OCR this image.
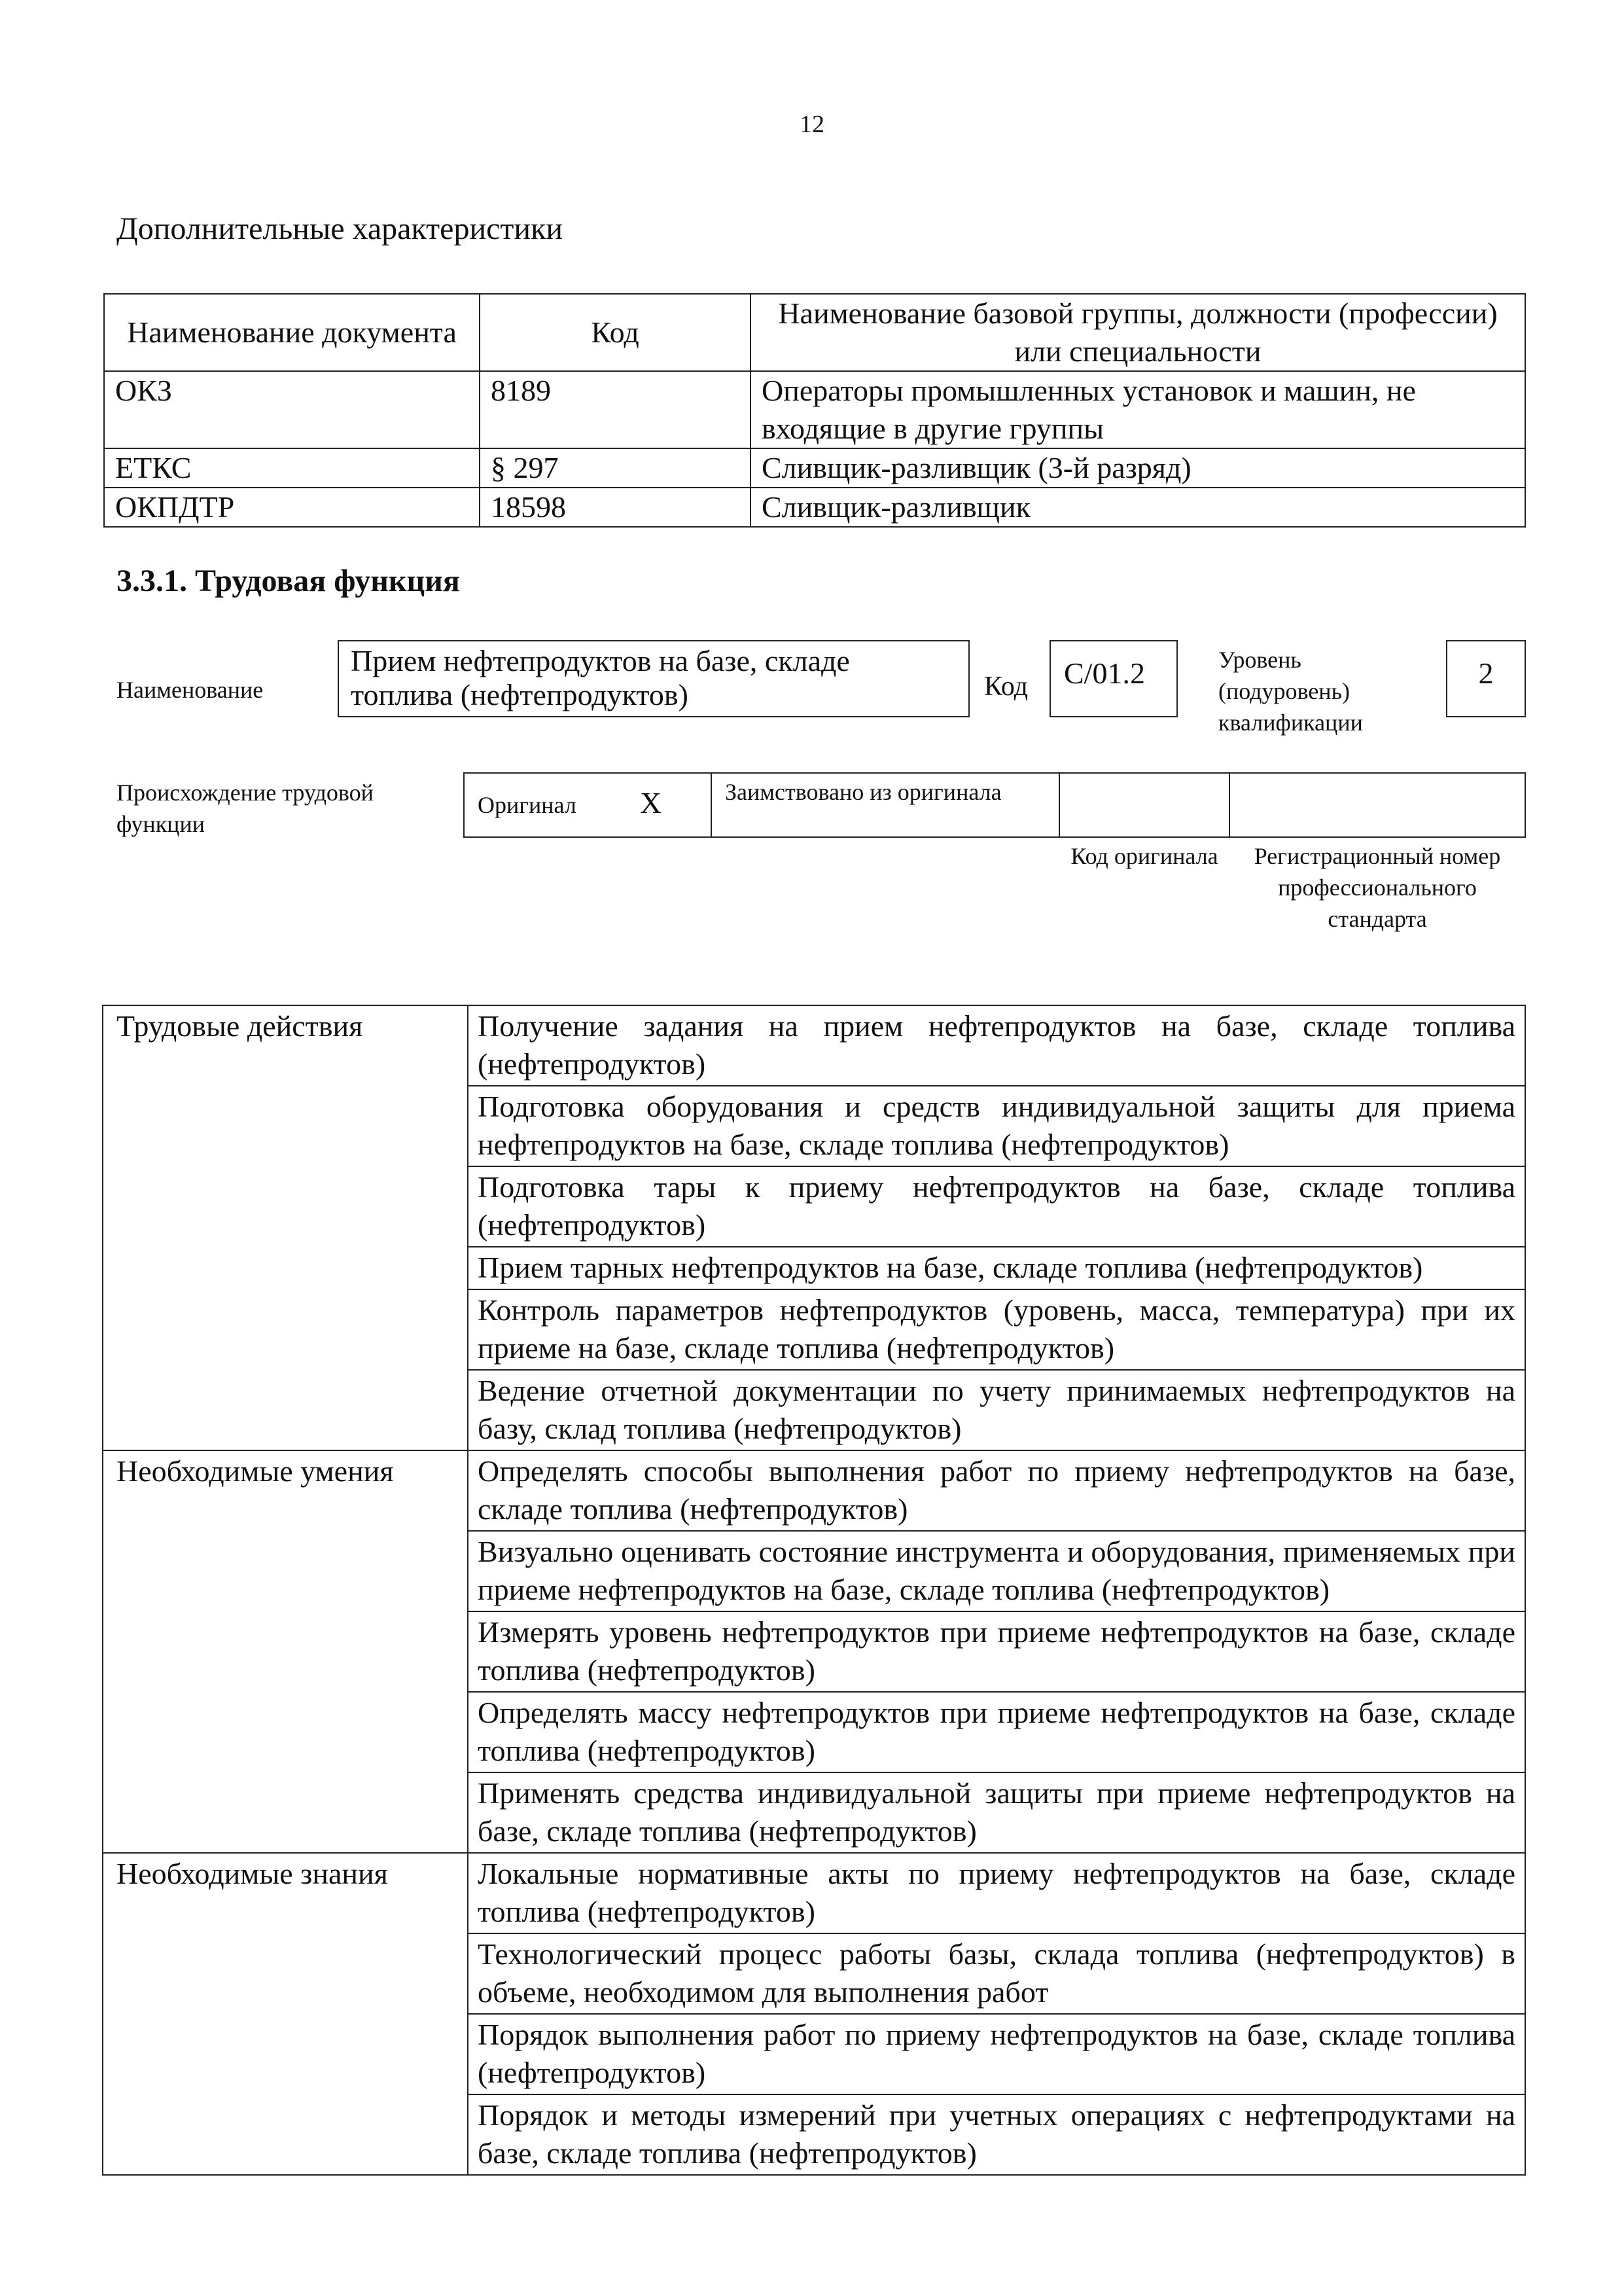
12
Дополнительные характеристики
Наименование документа	Код	Наименование базовой группы, должности (профессии) или специальности
ОКЗ	8189	Операторы промышленных установок и машин, не входящие в другие группы
ЕТКС	§ 297	Сливщик-разливщик (3-й разряд)
ОКПДТР	18598	Сливщик-разливщик
3.3.1. Трудовая функция
Наименование
Прием нефтепродуктов на базе, складе топлива (нефтепродуктов)	Код	C/01.2	Уровень (подуровень) квалификации
2
Происхождение трудовой функции
Оригинал X	Заимствовано из оригинала
Код оригинала	Регистрационный номер профессионального стандарта
Трудовые действия	Получение задания на прием нефтепродуктов на базе, складе топлива (нефтепродуктов)
	Подготовка оборудования и средств индивидуальной защиты для приема нефтепродуктов на базе, складе топлива (нефтепродуктов)
	Подготовка тары к приему нефтепродуктов на базе, складе топлива (нефтепродуктов)
	Прием тарных нефтепродуктов на базе, складе топлива (нефтепродуктов)
	Контроль параметров нефтепродуктов (уровень, масса, температура) при их приеме на базе, складе топлива (нефтепродуктов)
	Ведение отчетной документации по учету принимаемых нефтепродуктов на базу, склад топлива (нефтепродуктов)
Необходимые умения	Определять способы выполнения работ по приему нефтепродуктов на базе, складе топлива (нефтепродуктов)
	Визуально оценивать состояние инструмента и оборудования, применяемых при приеме нефтепродуктов на базе, складе топлива (нефтепродуктов)
	Измерять уровень нефтепродуктов при приеме нефтепродуктов на базе, складе топлива (нефтепродуктов)
	Определять массу нефтепродуктов при приеме нефтепродуктов на базе, складе топлива (нефтепродуктов)
	Применять средства индивидуальной защиты при приеме нефтепродуктов на базе, складе топлива (нефтепродуктов)
Необходимые знания	Локальные нормативные акты по приему нефтепродуктов на базе, складе топлива (нефтепродуктов)
	Технологический процесс работы базы, склада топлива (нефтепродуктов) в объеме, необходимом для выполнения работ
	Порядок выполнения работ по приему нефтепродуктов на базе, складе топлива (нефтепродуктов)
	Порядок и методы измерений при учетных операциях с нефтепродуктами на базе, складе топлива (нефтепродуктов)
